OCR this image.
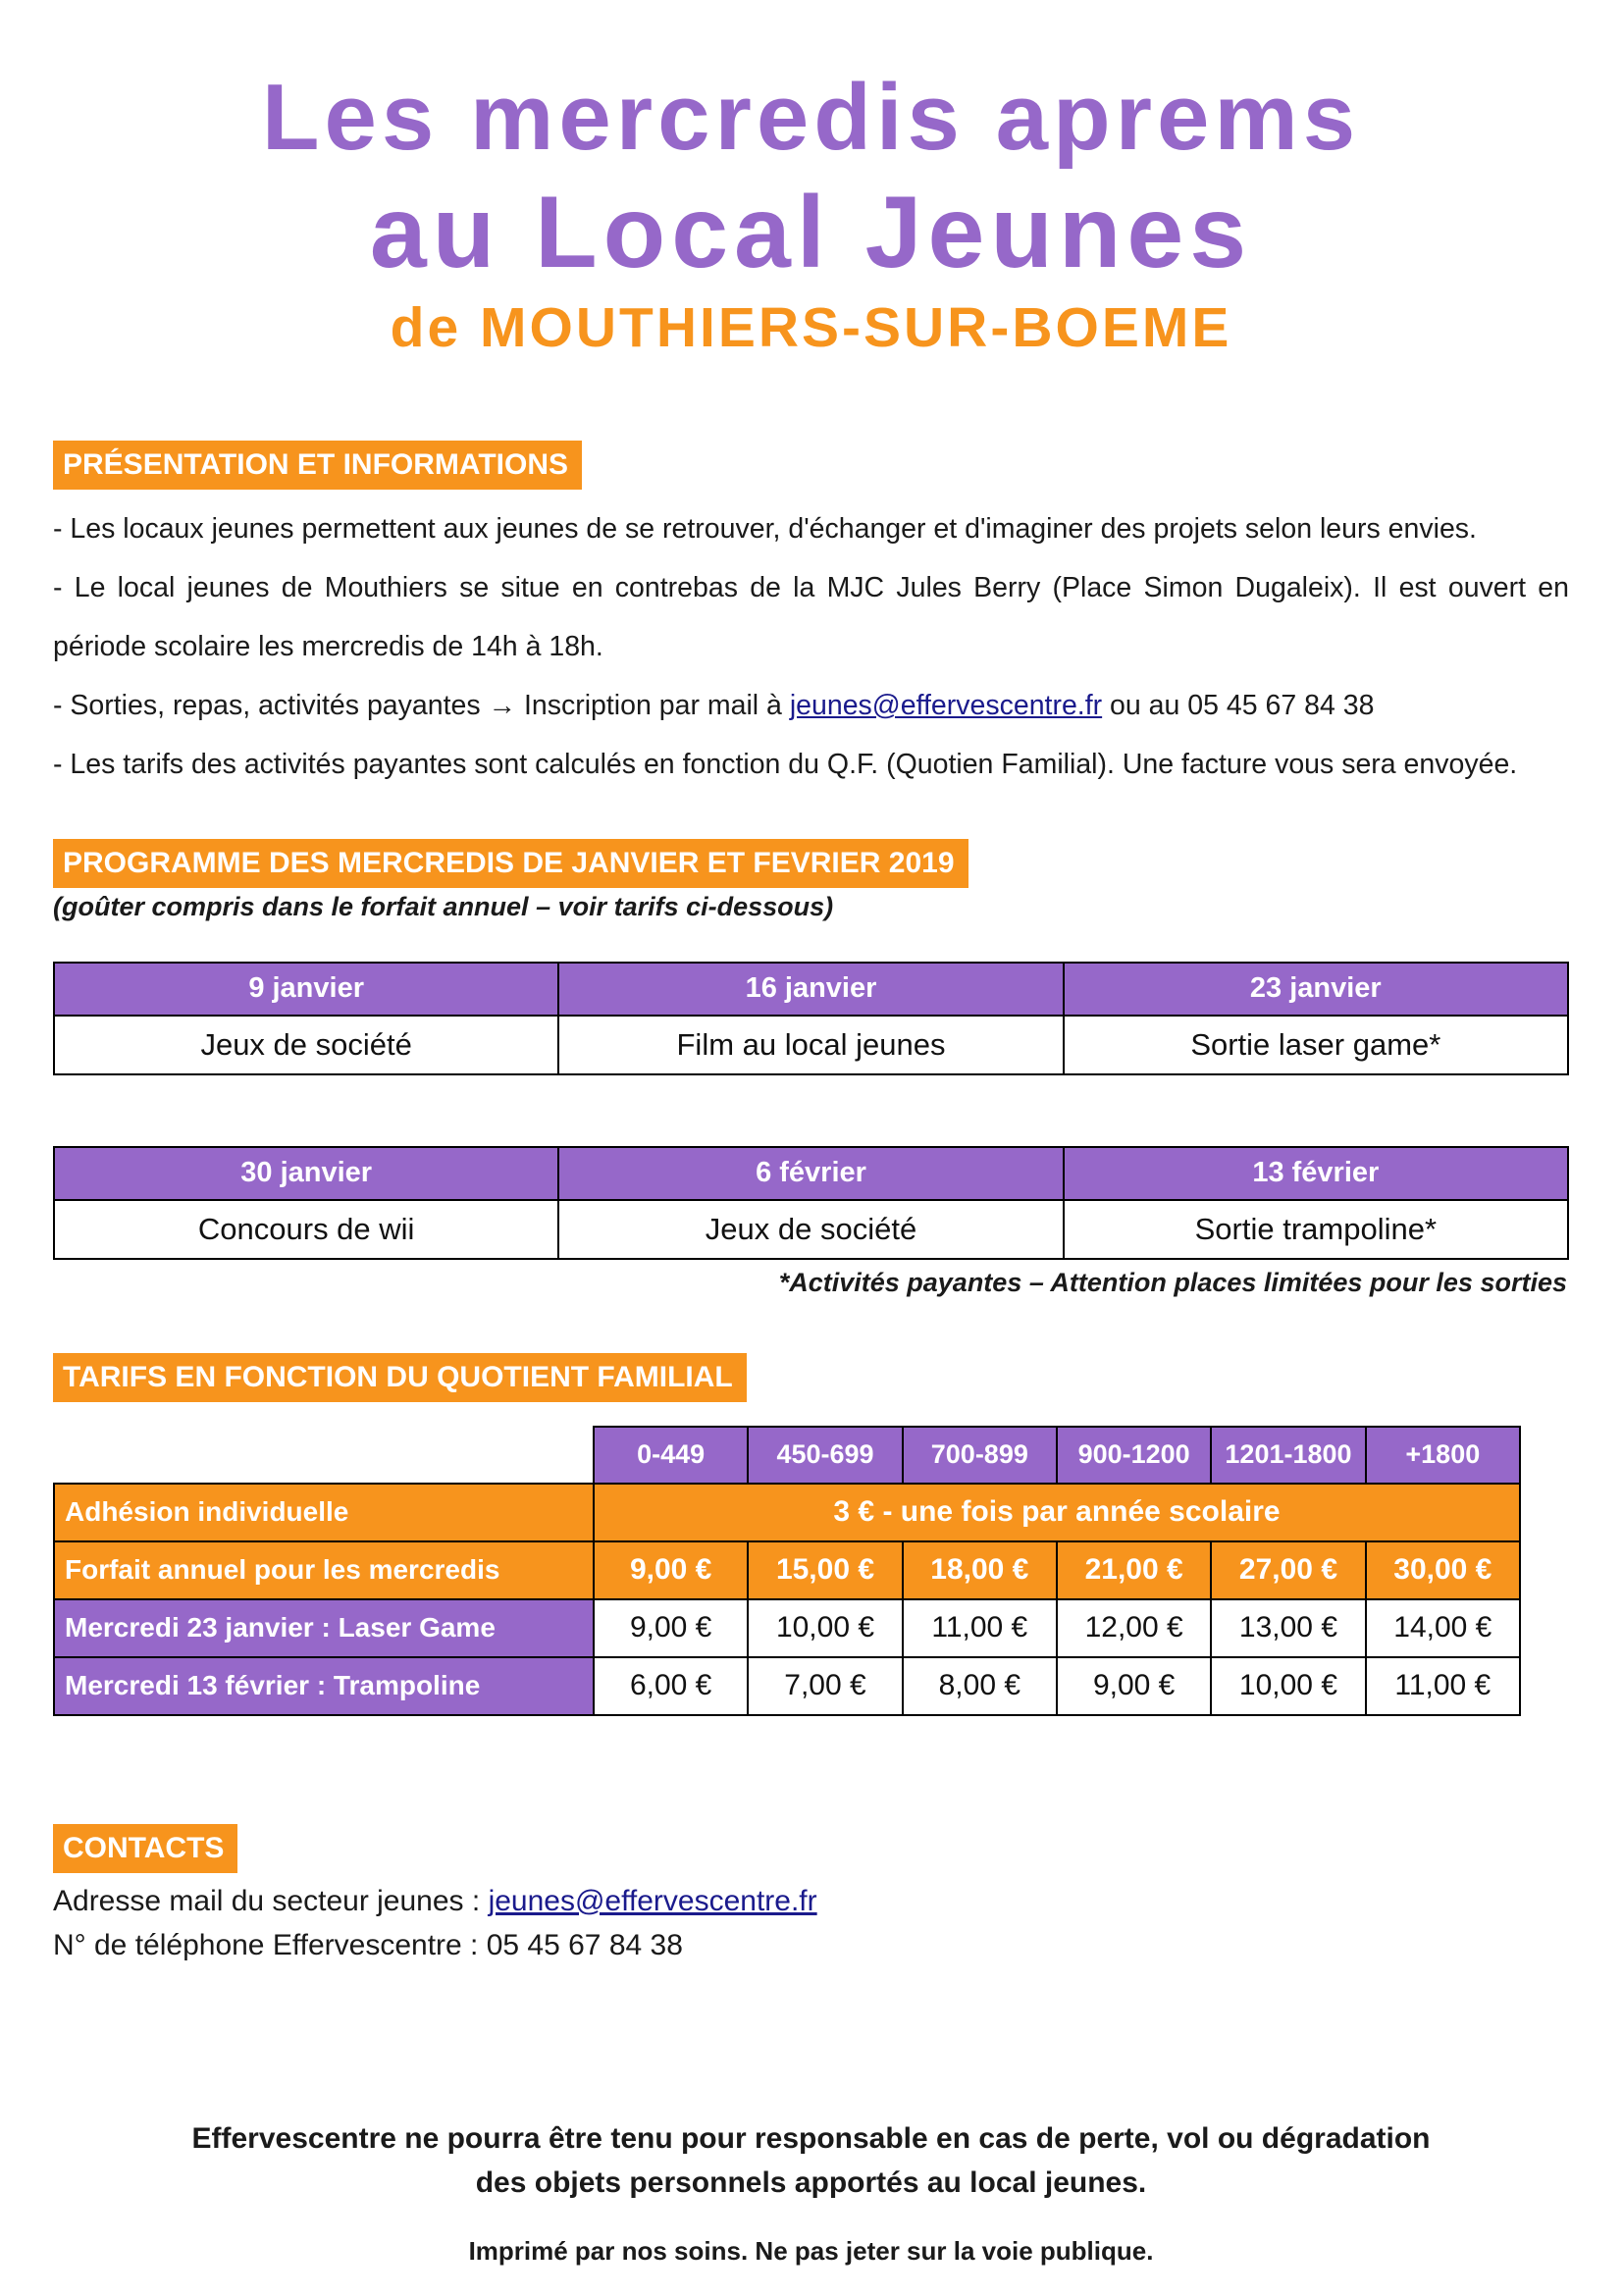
Les mercredis aprems
au Local Jeunes
de MOUTHIERS-SUR-BOEME
PRÉSENTATION ET INFORMATIONS

- Les locaux jeunes permettent aux jeunes de se retrouver, d'échanger et d'imaginer des projets selon leurs envies.

- Le local jeunes de Mouthiers se situe en contrebas de la MJC Jules Berry (Place Simon Dugaleix). Il est ouvert en période scolaire les mercredis de 14h à 18h.

- Sorties, repas, activités payantes → Inscription par mail à jeunes@effervescentre.fr ou au 05 45 67 84 38

- Les tarifs des activités payantes sont calculés en fonction du Q.F. (Quotien Familial). Une facture vous sera envoyée.

PROGRAMME DES MERCREDIS DE JANVIER ET FEVRIER 2019

(goûter compris dans le forfait annuel – voir tarifs ci-dessous)

9 janvier	16 janvier	23 janvier
Jeux de société	Film au local jeunes	Sortie laser game*
30 janvier	6 février	13 février
Concours de wii	Jeux de société	Sortie trampoline*

*Activités payantes – Attention places limitées pour les sorties

TARIFS EN FONCTION DU QUOTIENT FAMILIAL
	0-449	450-699	700-899	900-1200	1201-1800	+1800
Adhésion individuelle	3 € - une fois par année scolaire					
Forfait annuel pour les mercredis	9,00 €	15,00 €	18,00 €	21,00 €	27,00 €	30,00 €
Mercredi 23 janvier : Laser Game	9,00 €	10,00 €	11,00 €	12,00 €	13,00 €	14,00 €
Mercredi 13 février : Trampoline	6,00 €	7,00 €	8,00 €	9,00 €	10,00 €	11,00 €
CONTACTS

Adresse mail du secteur jeunes : jeunes@effervescentre.fr

N° de téléphone Effervescentre : 05 45 67 84 38

Effervescentre ne pourra être tenu pour responsable en cas de perte, vol ou dégradation
des objets personnels apportés au local jeunes.
Imprimé par nos soins. Ne pas jeter sur la voie publique.
